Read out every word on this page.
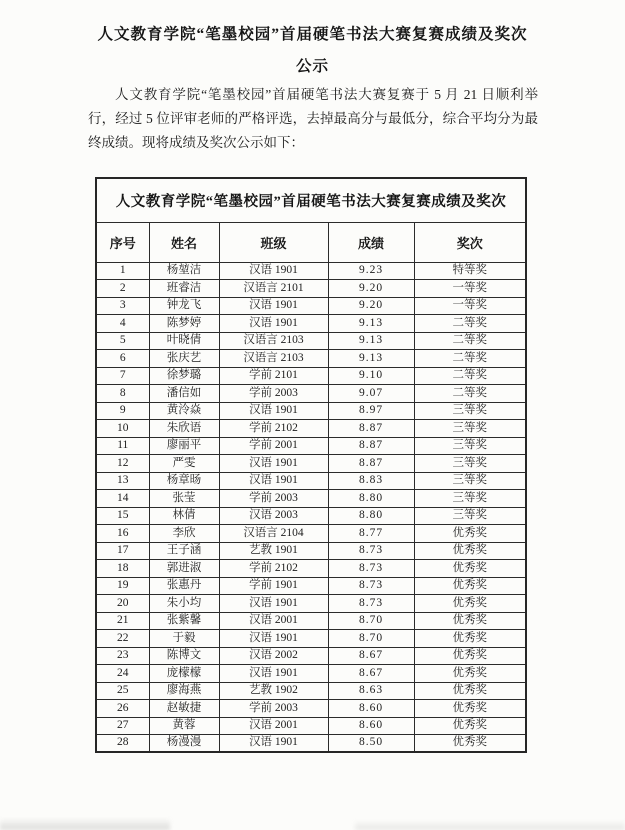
人文教育学院“笔墨校园”首届硬笔书法大赛复赛成绩及奖次
公示

人文教育学院“笔墨校园”首届硬笔书法大赛复赛于 5 月 21 日顺利举行，经过 5 位评审老师的严格评选，去掉最高分与最低分，综合平均分为最终成绩。现将成绩及奖次公示如下：

人文教育学院“笔墨校园”首届硬笔书法大赛复赛成绩及奖次				
序号	姓名	班级	成绩	奖次
1	杨堃洁	汉语 1901	9.23	特等奖
2	班睿洁	汉语言 2101	9.20	一等奖
3	钟龙飞	汉语 1901	9.20	一等奖
4	陈梦婷	汉语 1901	9.13	二等奖
5	叶晓倩	汉语言 2103	9.13	二等奖
6	张庆艺	汉语言 2103	9.13	二等奖
7	徐梦璐	学前 2101	9.10	二等奖
8	潘信如	学前 2003	9.07	二等奖
9	黄泠焱	汉语 1901	8.97	三等奖
10	朱欣语	学前 2102	8.87	三等奖
11	廖丽平	学前 2001	8.87	三等奖
12	严雯	汉语 1901	8.87	三等奖
13	杨章旸	汉语 1901	8.83	三等奖
14	张莹	学前 2003	8.80	三等奖
15	林倩	汉语 2003	8.80	三等奖
16	李欣	汉语言 2104	8.77	优秀奖
17	王子涵	艺教 1901	8.73	优秀奖
18	郭进淑	学前 2102	8.73	优秀奖
19	张惠丹	学前 1901	8.73	优秀奖
20	朱小均	汉语 1901	8.73	优秀奖
21	张紫馨	汉语 2001	8.70	优秀奖
22	于毅	汉语 1901	8.70	优秀奖
23	陈博文	汉语 2002	8.67	优秀奖
24	庞檬檬	汉语 1901	8.67	优秀奖
25	廖海燕	艺教 1902	8.63	优秀奖
26	赵敏捷	学前 2003	8.60	优秀奖
27	黄蓉	汉语 2001	8.60	优秀奖
28	杨漫漫	汉语 1901	8.50	优秀奖
